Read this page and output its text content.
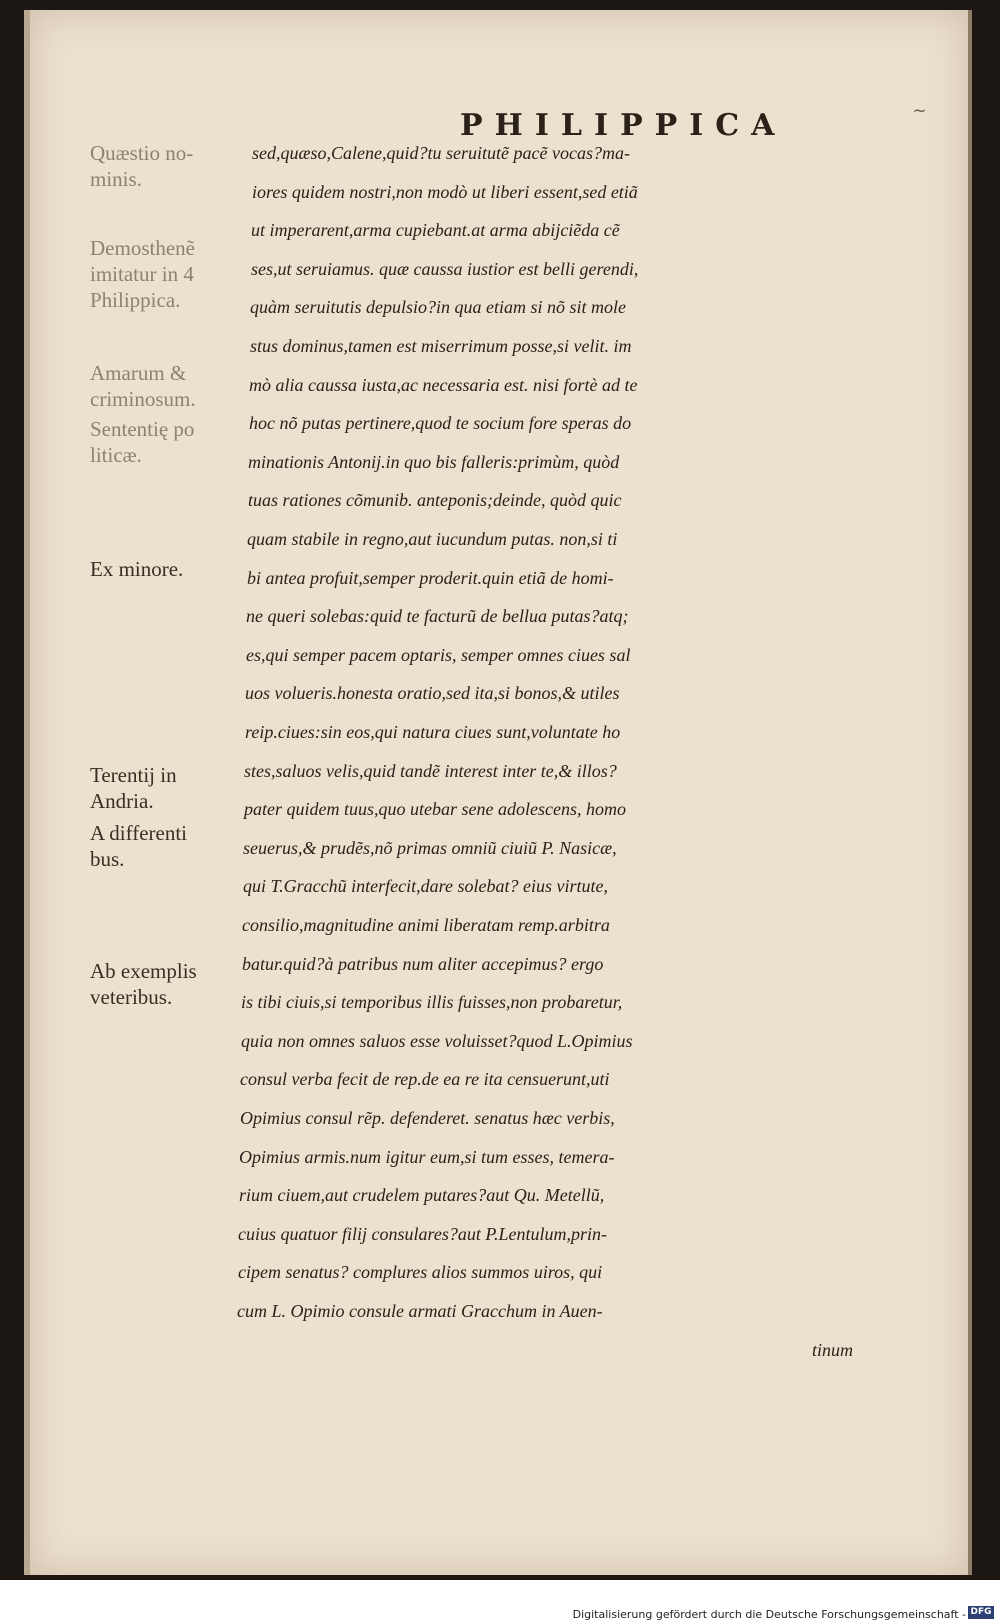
PHILIPPICA	~
Quæstio no-
minis.
Demosthenẽ
imitatur in 4
Philippica.
Amarum &
criminosum.
Sententię po
liticæ.
Ex minore.
Terentij in
Andria.
A differenti
bus.
Ab exemplis
veteribus.
sed,quæso,Calene,quid?tu seruitutẽ pacẽ vocas?ma-
iores quidem nostri,non modò ut liberi essent,sed etiã
ut imperarent,arma cupiebant.at arma abijciẽda cẽ
ses,ut seruiamus. quæ caussa iustior est belli gerendi,
quàm seruitutis depulsio?in qua etiam si nõ sit mole
stus dominus,tamen est miserrimum posse,si velit. im
mò alia caussa iusta,ac necessaria est. nisi fortè ad te
hoc nõ putas pertinere,quod te socium fore speras do
minationis Antonij.in quo bis falleris:primùm, quòd
tuas rationes cõmunib. anteponis;deinde, quòd quic
quam stabile in regno,aut iucundum putas. non,si ti
bi antea profuit,semper proderit.quin etiã de homi-
ne queri solebas:quid te facturũ de bellua putas?atq;
es,qui semper pacem optaris, semper omnes ciues sal
uos volueris.honesta oratio,sed ita,si bonos,& utiles
reip.ciues:sin eos,qui natura ciues sunt,voluntate ho
stes,saluos velis,quid tandẽ interest inter te,& illos?
pater quidem tuus,quo utebar sene adolescens, homo
seuerus,& prudẽs,nõ primas omniũ ciuiũ P. Nasicæ,
qui T.Gracchũ interfecit,dare solebat? eius virtute,
consilio,magnitudine animi liberatam remp.arbitra
batur.quid?à patribus num aliter accepimus? ergo
is tibi ciuis,si temporibus illis fuisses,non probaretur,
quia non omnes saluos esse voluisset?quod L.Opimius
consul verba fecit de rep.de ea re ita censuerunt,uti
Opimius consul rẽp. defenderet. senatus hæc verbis,
Opimius armis.num igitur eum,si tum esses, temera-
rium ciuem,aut crudelem putares?aut Qu. Metellũ,
cuius quatuor filij consulares?aut P.Lentulum,prin-
cipem senatus? complures alios summos uiros, qui
cum L. Opimio consule armati Gracchum in Auen-
tinum
Digitalisierung gefördert durch die Deutsche Forschungsgemeinschaft - DFG
